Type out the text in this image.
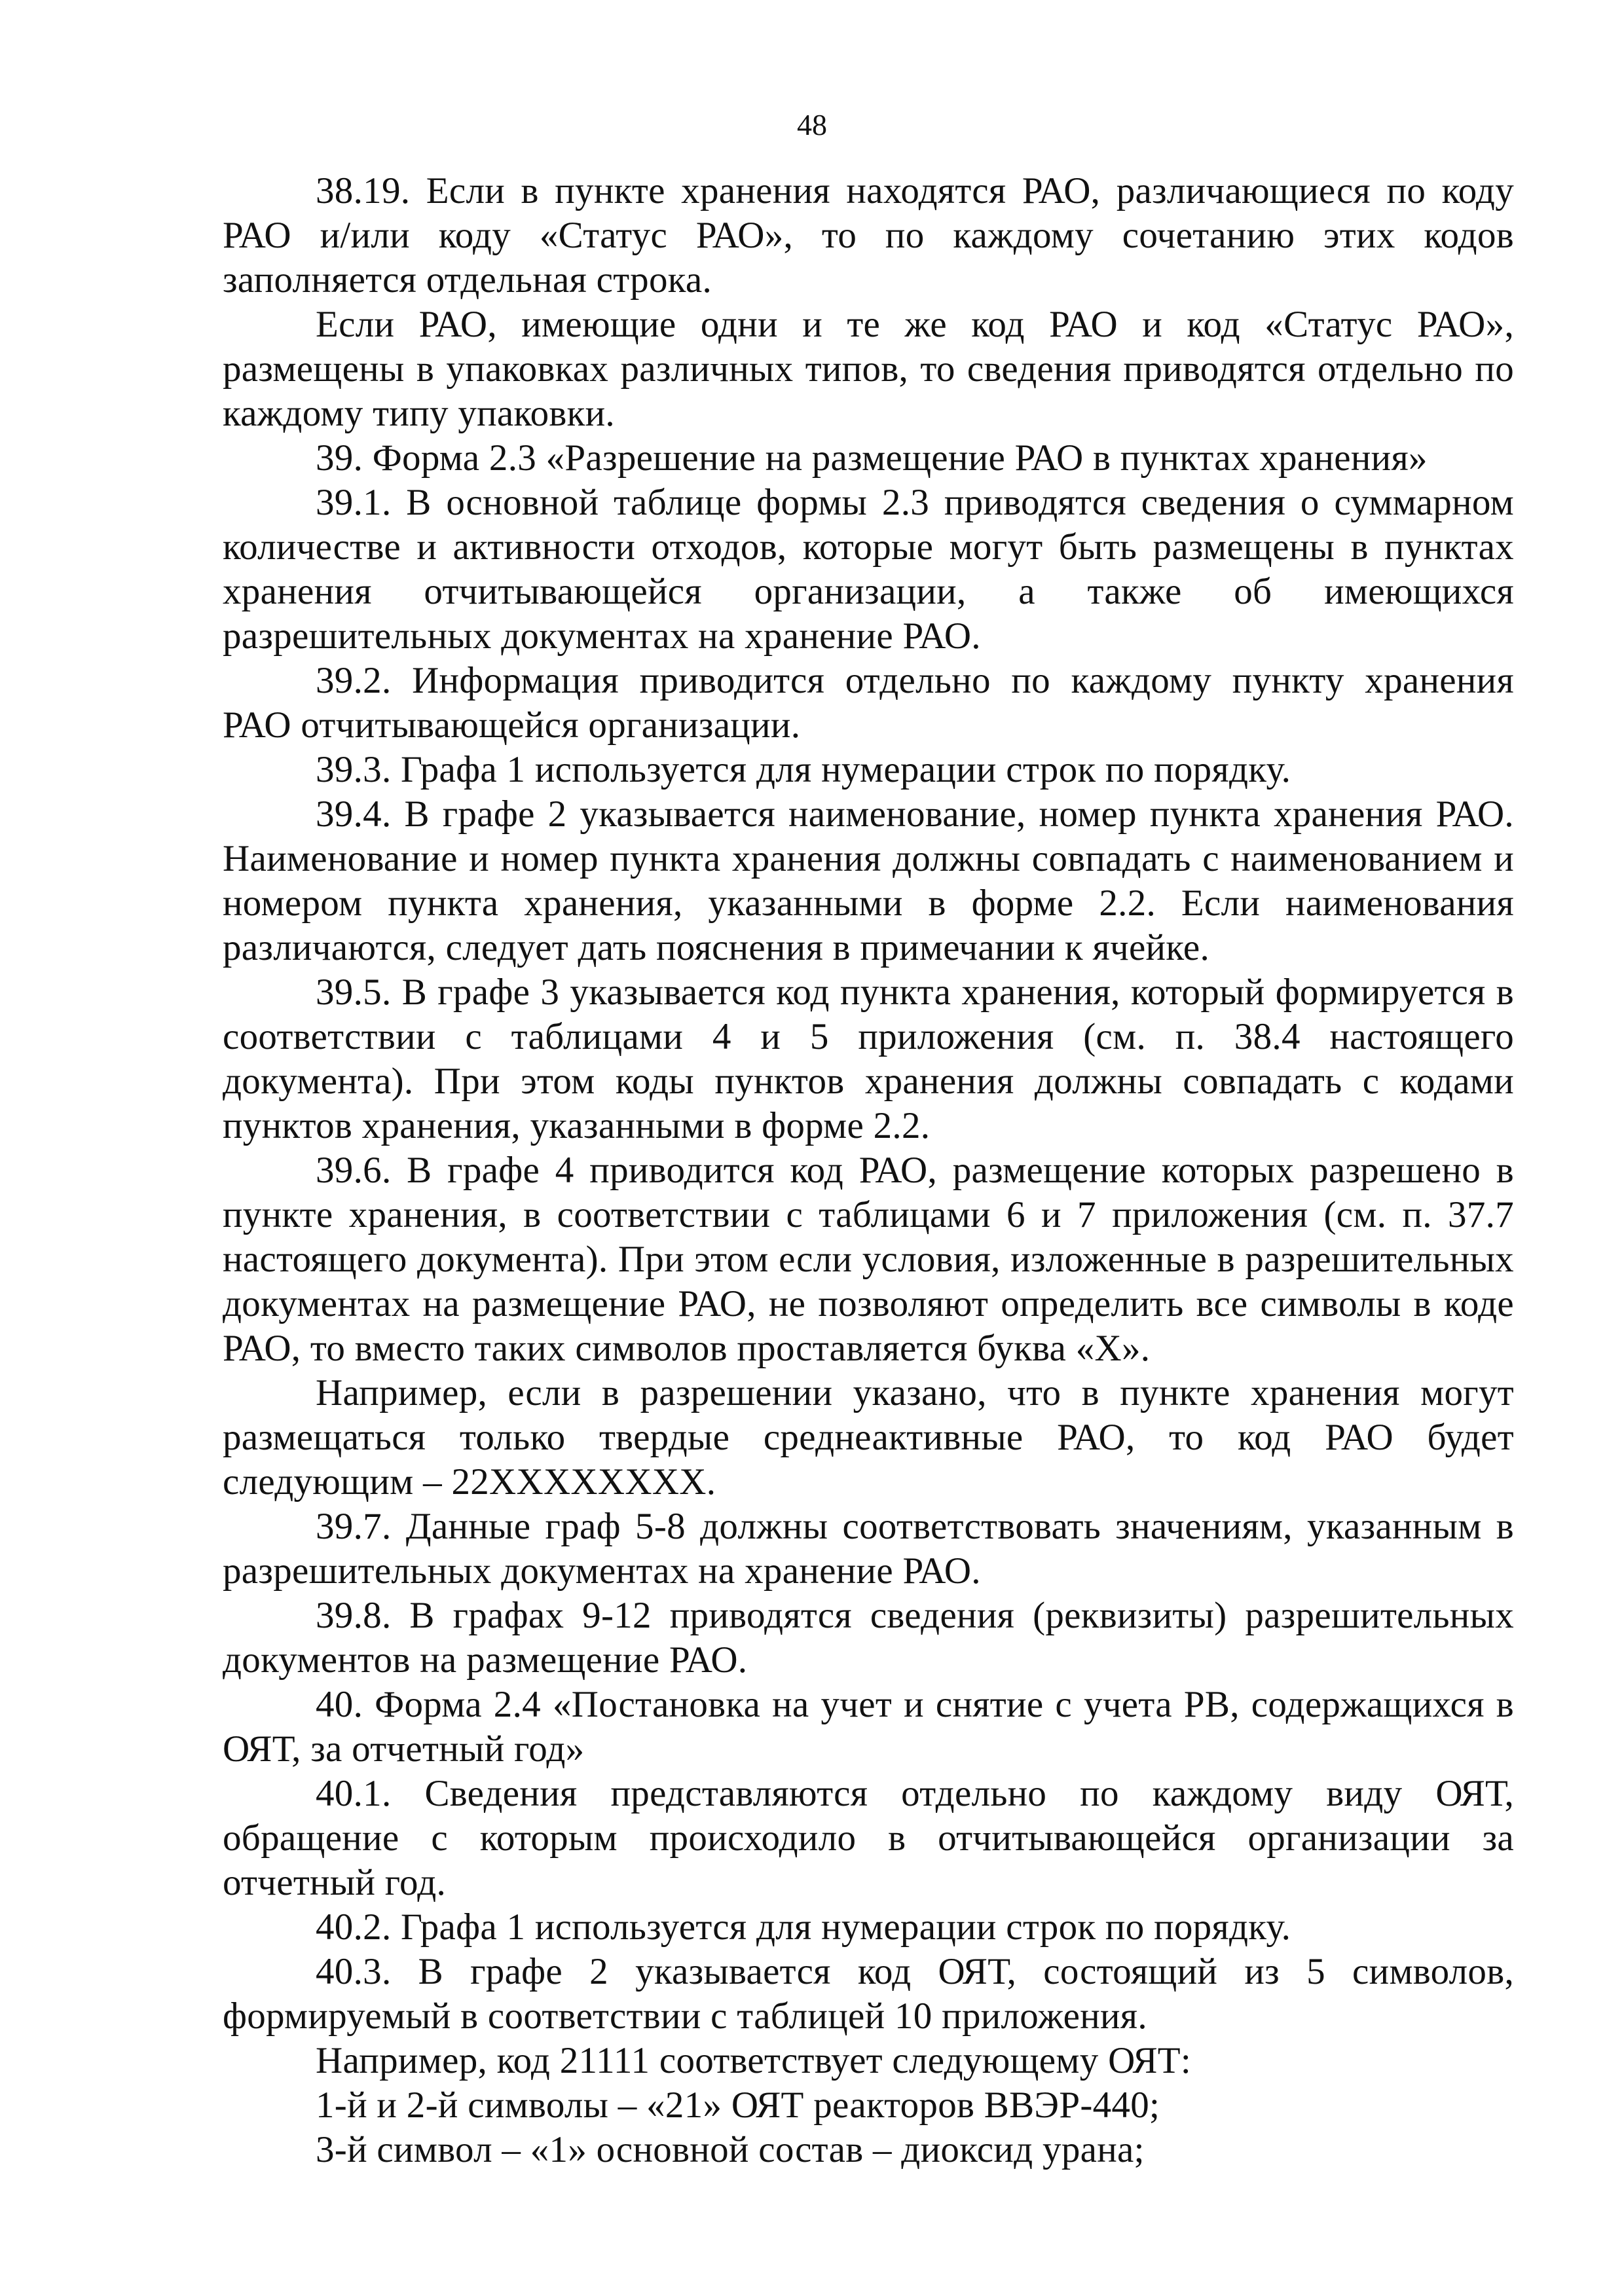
48

38.19. Если в пункте хранения находятся РАО, различающиеся по коду РАО и/или коду «Статус РАО», то по каждому сочетанию этих кодов заполняется отдельная строка.

Если РАО, имеющие одни и те же код РАО и код «Статус РАО», размещены в упаковках различных типов, то сведения приводятся отдельно по каждому типу упаковки.

39. Форма 2.3 «Разрешение на размещение РАО в пунктах хранения»

39.1. В основной таблице формы 2.3 приводятся сведения о суммарном количестве и активности отходов, которые могут быть размещены в пунктах хранения отчитывающейся организации, а также об имеющихся разрешительных документах на хранение РАО.

39.2. Информация приводится отдельно по каждому пункту хранения РАО отчитывающейся организации.

39.3. Графа 1 используется для нумерации строк по порядку.

39.4. В графе 2 указывается наименование, номер пункта хранения РАО. Наименование и номер пункта хранения должны совпадать с наименованием и номером пункта хранения, указанными в форме 2.2. Если наименования различаются, следует дать пояснения в примечании к ячейке.

39.5. В графе 3 указывается код пункта хранения, который формируется в соответствии с таблицами 4 и 5 приложения (см. п. 38.4 настоящего документа). При этом коды пунктов хранения должны совпадать с кодами пунктов хранения, указанными в форме 2.2.

39.6. В графе 4 приводится код РАО, размещение которых разрешено в пункте хранения, в соответствии с таблицами 6 и 7 приложения (см. п. 37.7 настоящего документа). При этом если условия, изложенные в разрешительных документах на размещение РАО, не позволяют определить все символы в коде РАО, то вместо таких символов проставляется буква «Х».

Например, если в разрешении указано, что в пункте хранения могут размещаться только твердые среднеактивные РАО, то код РАО будет следующим – 22ХХХХХХХХ.

39.7. Данные граф 5-8 должны соответствовать значениям, указанным в разрешительных документах на хранение РАО.

39.8. В графах 9-12 приводятся сведения (реквизиты) разрешительных документов на размещение РАО.

40. Форма 2.4 «Постановка на учет и снятие с учета РВ, содержащихся в ОЯТ, за отчетный год»

40.1. Сведения представляются отдельно по каждому виду ОЯТ, обращение с которым происходило в отчитывающейся организации за отчетный год.

40.2. Графа 1 используется для нумерации строк по порядку.

40.3. В графе 2 указывается код ОЯТ, состоящий из 5 символов, формируемый в соответствии с таблицей 10 приложения.

Например, код 21111 соответствует следующему ОЯТ:

1-й и 2-й символы – «21» ОЯТ реакторов ВВЭР-440;

3-й символ – «1» основной состав – диоксид урана;
